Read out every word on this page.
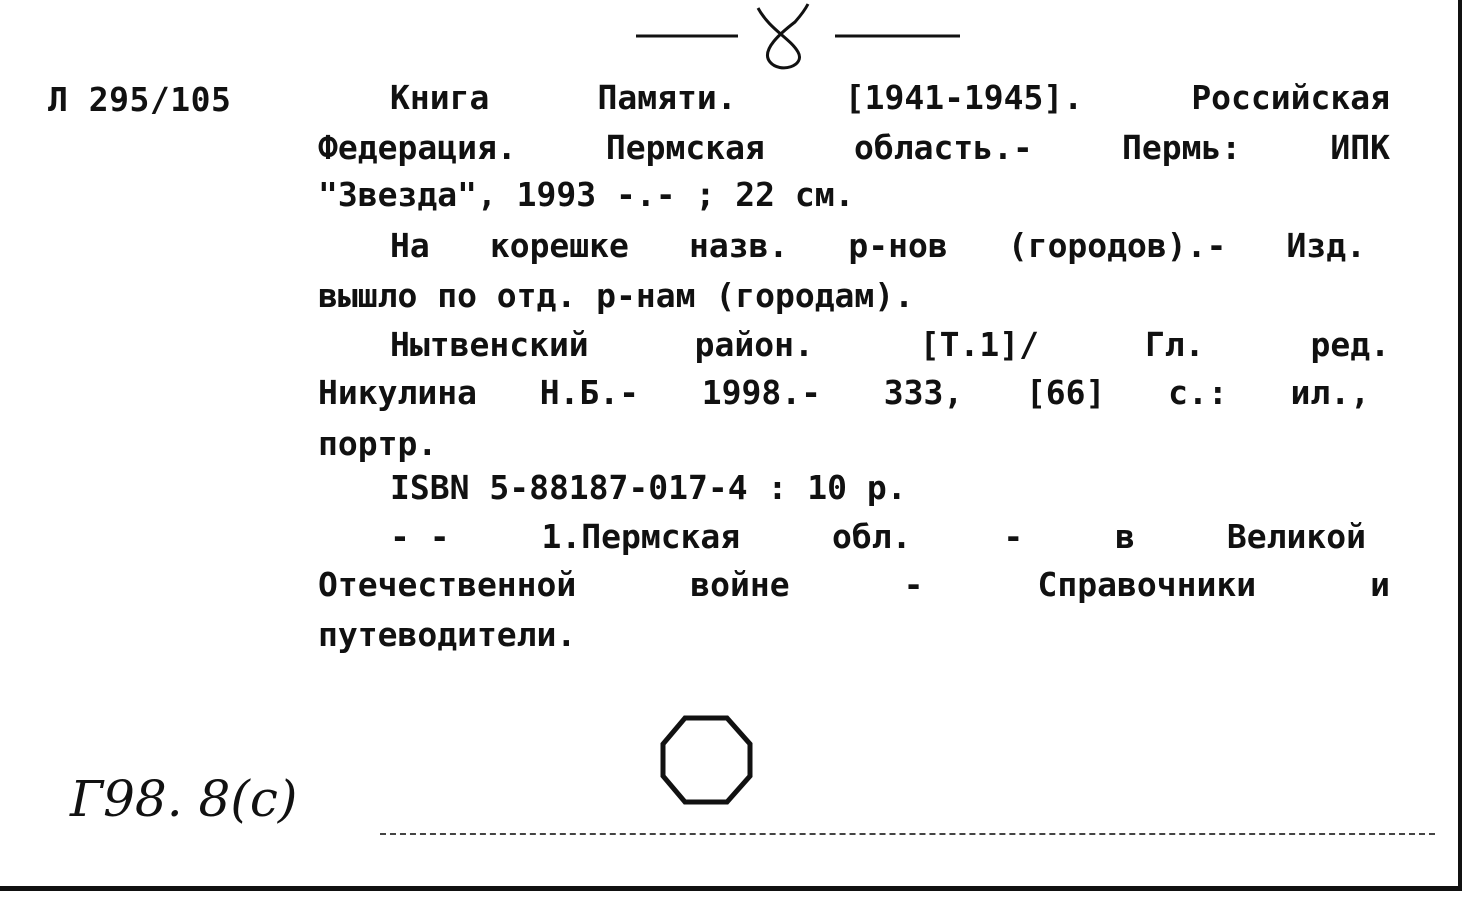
Л 295/105	Книга	Памяти.	[1941-1945].	Российская
Федерация.	Пермская	область.-	Пермь:	ИПК
"Звезда", 1993 -.- ; 22 см.
На корешке назв. р-нов (городов).- Изд.
вышло по отд. р-нам (городам).
Нытвенский	район.	[Т.1]/	Гл.	ред.
Никулина Н.Б.- 1998.- 333, [66] с.: ил.,
портр.
ISBN 5-88187-017-4 : 10 р.
- -	1.Пермская	обл.	-	в	Великой
Отечественной	войне	-	Справочники	и
путеводители.
Г98. 8(с)
